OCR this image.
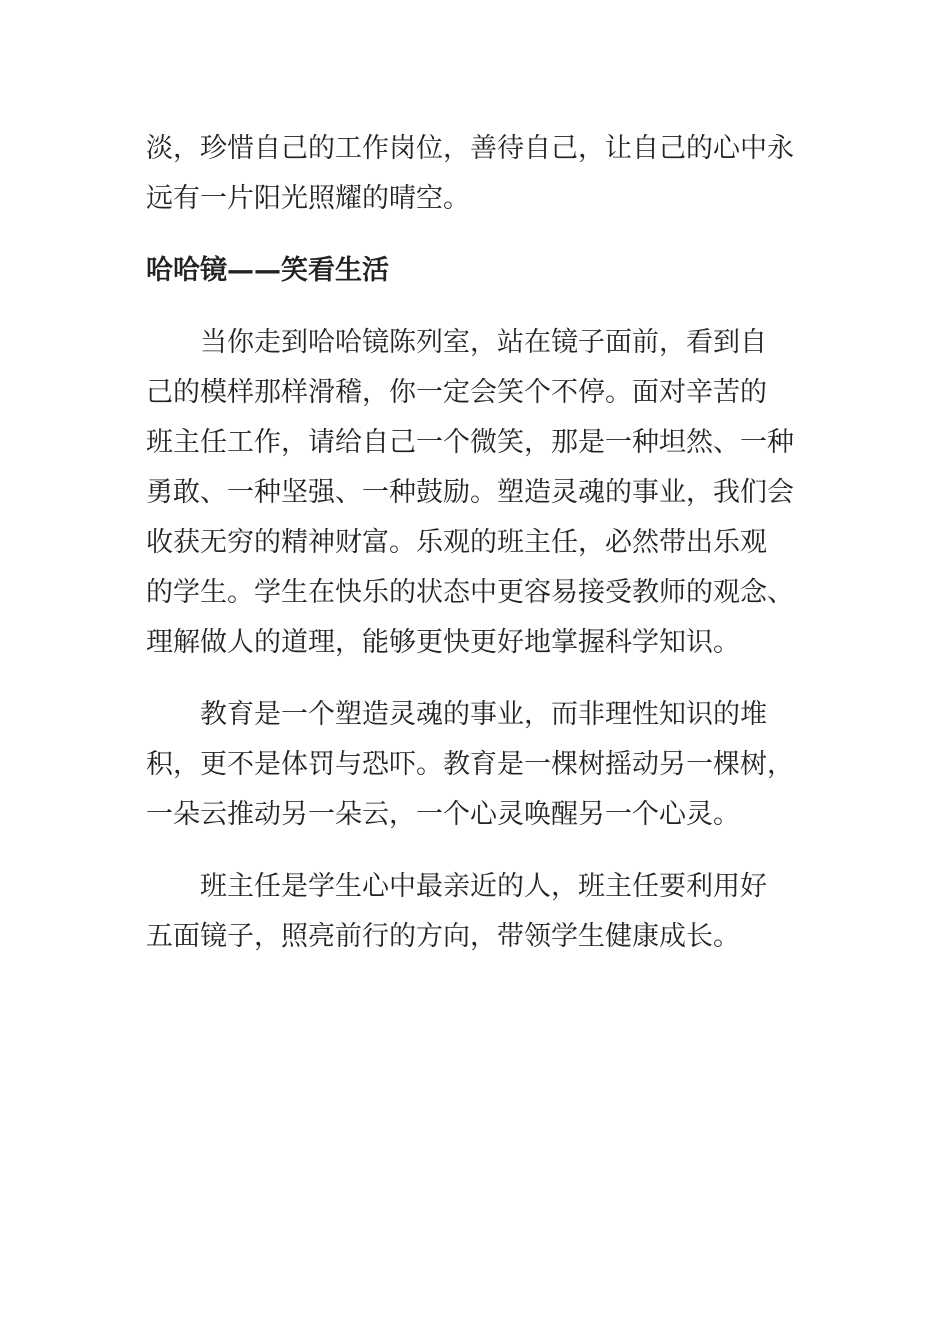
淡，珍惜自己的工作岗位，善待自己，让自己的心中永
远有一片阳光照耀的晴空。

哈哈镜——笑看生活

当你走到哈哈镜陈列室，站在镜子面前，看到自
己的模样那样滑稽，你一定会笑个不停。面对辛苦的
班主任工作，请给自己一个微笑，那是一种坦然、一种
勇敢、一种坚强、一种鼓励。塑造灵魂的事业，我们会
收获无穷的精神财富。乐观的班主任，必然带出乐观
的学生。学生在快乐的状态中更容易接受教师的观念、
理解做人的道理，能够更快更好地掌握科学知识。

教育是一个塑造灵魂的事业，而非理性知识的堆
积，更不是体罚与恐吓。教育是一棵树摇动另一棵树，
一朵云推动另一朵云，一个心灵唤醒另一个心灵。

班主任是学生心中最亲近的人，班主任要利用好
五面镜子，照亮前行的方向，带领学生健康成长。
